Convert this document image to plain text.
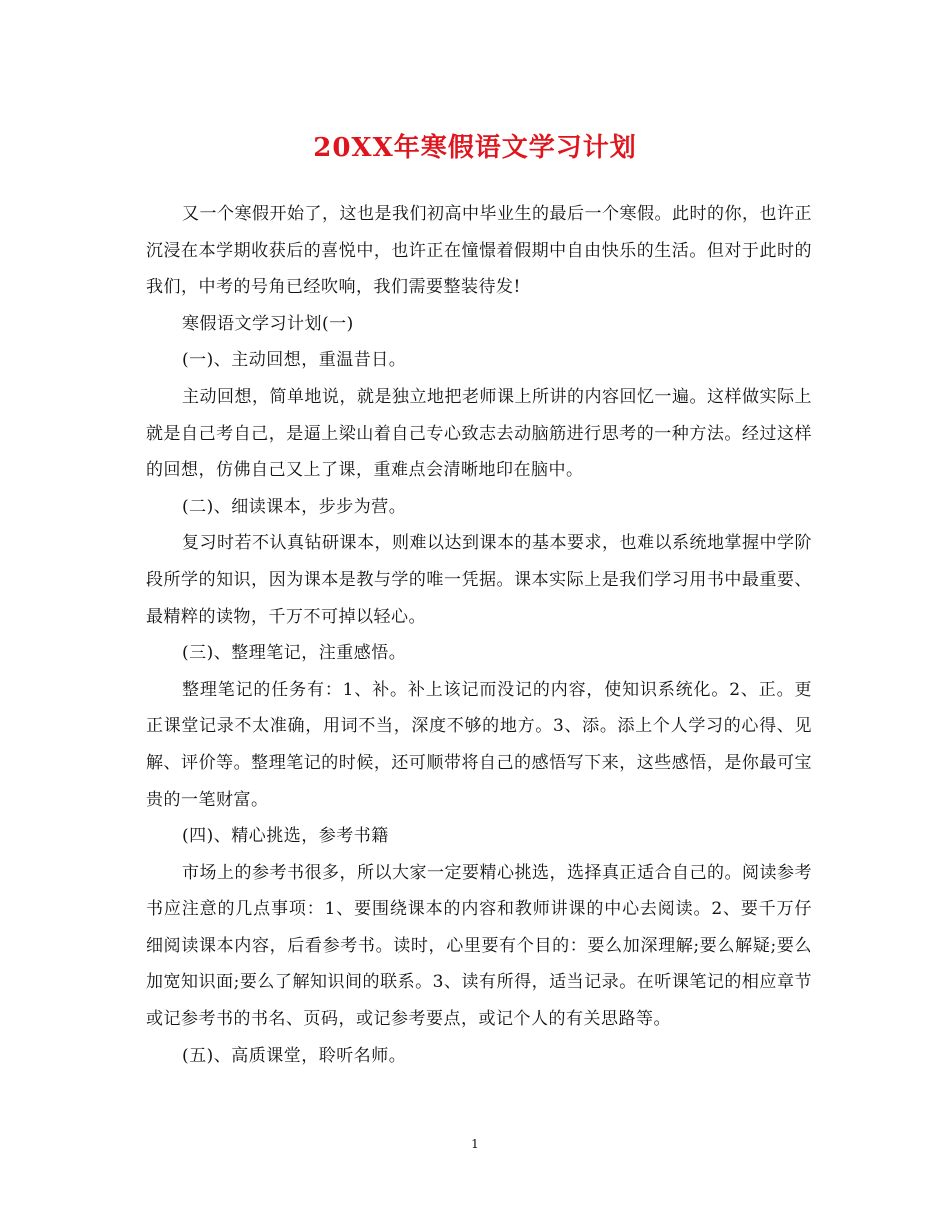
20XX年寒假语文学习计划

又一个寒假开始了，这也是我们初高中毕业生的最后一个寒假。此时的你，也许正沉浸在本学期收获后的喜悦中，也许正在憧憬着假期中自由快乐的生活。但对于此时的我们，中考的号角已经吹响，我们需要整装待发!

寒假语文学习计划(一)

(一)、主动回想，重温昔日。

主动回想，简单地说，就是独立地把老师课上所讲的内容回忆一遍。这样做实际上就是自己考自己，是逼上梁山着自己专心致志去动脑筋进行思考的一种方法。经过这样的回想，仿佛自己又上了课，重难点会清晰地印在脑中。

(二)、细读课本，步步为营。

复习时若不认真钻研课本，则难以达到课本的基本要求，也难以系统地掌握中学阶段所学的知识，因为课本是教与学的唯一凭据。课本实际上是我们学习用书中最重要、最精粹的读物，千万不可掉以轻心。

(三)、整理笔记，注重感悟。

整理笔记的任务有：1、补。补上该记而没记的内容，使知识系统化。2、正。更正课堂记录不太准确，用词不当，深度不够的地方。3、添。添上个人学习的心得、见解、评价等。整理笔记的时候，还可顺带将自己的感悟写下来，这些感悟，是你最可宝贵的一笔财富。

(四)、精心挑选，参考书籍

市场上的参考书很多，所以大家一定要精心挑选，选择真正适合自己的。阅读参考书应注意的几点事项：1、要围绕课本的内容和教师讲课的中心去阅读。2、要千万仔细阅读课本内容，后看参考书。读时，心里要有个目的：要么加深理解;要么解疑;要么加宽知识面;要么了解知识间的联系。3、读有所得，适当记录。在听课笔记的相应章节或记参考书的书名、页码，或记参考要点，或记个人的有关思路等。

(五)、高质课堂，聆听名师。

1
